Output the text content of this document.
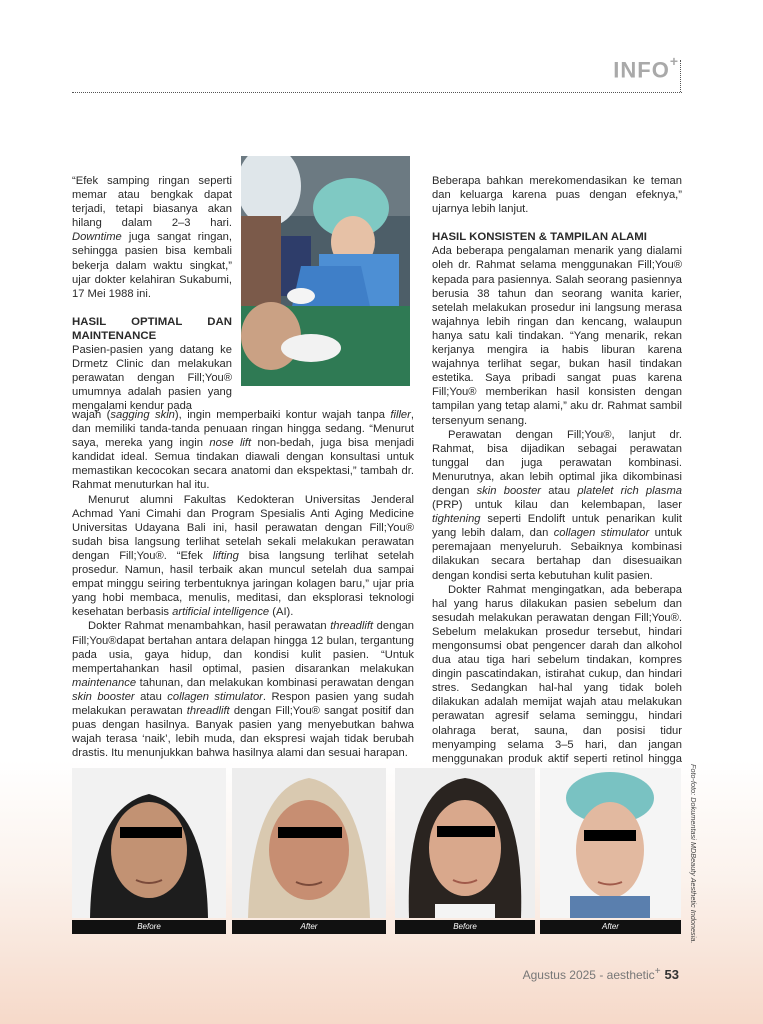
INFO+

“Efek samping ringan seperti memar atau bengkak dapat terjadi, tetapi biasanya akan hilang dalam 2–3 hari. Downtime juga sangat ringan, sehingga pasien bisa kembali bekerja dalam waktu singkat,” ujar dokter kelahiran Sukabumi, 17 Mei 1988 ini.

HASIL OPTIMAL DAN MAINTENANCE

Pasien-pasien yang datang ke Drmetz Clinic dan melakukan perawatan dengan Fill;You® umumnya adalah pasien yang mengalami kendur pada

wajah (sagging skin), ingin memperbaiki kontur wajah tanpa filler, dan memiliki tanda-tanda penuaan ringan hingga sedang. “Menurut saya, mereka yang ingin nose lift non-bedah, juga bisa menjadi kandidat ideal. Semua tindakan diawali dengan konsultasi untuk memastikan kecocokan secara anatomi dan ekspektasi,” tambah dr. Rahmat menuturkan hal itu.

Menurut alumni Fakultas Kedokteran Universitas Jenderal Achmad Yani Cimahi dan Program Spesialis Anti Aging Medicine Universitas Udayana Bali ini, hasil perawatan dengan Fill;You® sudah bisa langsung terlihat setelah sekali melakukan perawatan dengan Fill;You®. “Efek lifting bisa langsung terlihat setelah prosedur. Namun, hasil terbaik akan muncul setelah dua sampai empat minggu seiring terbentuknya jaringan kolagen baru,” ujar pria yang hobi membaca, menulis, meditasi, dan eksplorasi teknologi kesehatan berbasis artificial intelligence (AI).

Dokter Rahmat menambahkan, hasil perawatan threadlift dengan Fill;You®dapat bertahan antara delapan hingga 12 bulan, tergantung pada usia, gaya hidup, dan kondisi kulit pasien. “Untuk mempertahankan hasil optimal, pasien disarankan melakukan maintenance tahunan, dan melakukan kombinasi perawatan dengan skin booster atau collagen stimulator. Respon pasien yang sudah melakukan perawatan threadlift dengan Fill;You® sangat positif dan puas dengan hasilnya. Banyak pasien yang menyebutkan bahwa wajah terasa ‘naik’, lebih muda, dan ekspresi wajah tidak berubah drastis. Itu menunjukkan bahwa hasilnya alami dan sesuai harapan.

Beberapa bahkan merekomendasikan ke teman dan keluarga karena puas dengan efeknya,” ujarnya lebih lanjut.

HASIL KONSISTEN & TAMPILAN ALAMI

Ada beberapa pengalaman menarik yang dialami oleh dr. Rahmat selama menggunakan Fill;You® kepada para pasiennya. Salah seorang pasiennya berusia 38 tahun dan seorang wanita karier, setelah melakukan prosedur ini langsung merasa wajahnya lebih ringan dan kencang, walaupun hanya satu kali tindakan. “Yang menarik, rekan kerjanya mengira ia habis liburan karena wajahnya terlihat segar, bukan hasil tindakan estetika. Saya pribadi sangat puas karena Fill;You® memberikan hasil konsisten dengan tampilan yang tetap alami,” aku dr. Rahmat sambil tersenyum senang.

Perawatan dengan Fill;You®, lanjut dr. Rahmat, bisa dijadikan sebagai perawatan tunggal dan juga perawatan kombinasi. Menurutnya, akan lebih optimal jika dikombinasi dengan skin booster atau platelet rich plasma (PRP) untuk kilau dan kelembapan, laser tightening seperti Endolift untuk penarikan kulit yang lebih dalam, dan collagen stimulator untuk peremajaan menyeluruh. Sebaiknya kombinasi dilakukan secara bertahap dan disesuaikan dengan kondisi serta kebutuhan kulit pasien.

Dokter Rahmat mengingatkan, ada beberapa hal yang harus dilakukan pasien sebelum dan sesudah melakukan perawatan dengan Fill;You®. Sebelum melakukan prosedur tersebut, hindari mengonsumsi obat pengencer darah dan alkohol dua atau tiga hari sebelum tindakan, kompres dingin pascatindakan, istirahat cukup, dan hindari stres. Sedangkan hal-hal yang tidak boleh dilakukan adalah memijat wajah atau melakukan perawatan agresif selama seminggu, hindari olahraga berat, sauna, dan posisi tidur menyamping selama 3–5 hari, dan jangan menggunakan produk aktif seperti retinol hingga

Before	After	Before	After	Foto-foto: Dokumentasi MDBeauty Aesthetic Indonesia.
Agustus 2025 - aesthetic+ 53
